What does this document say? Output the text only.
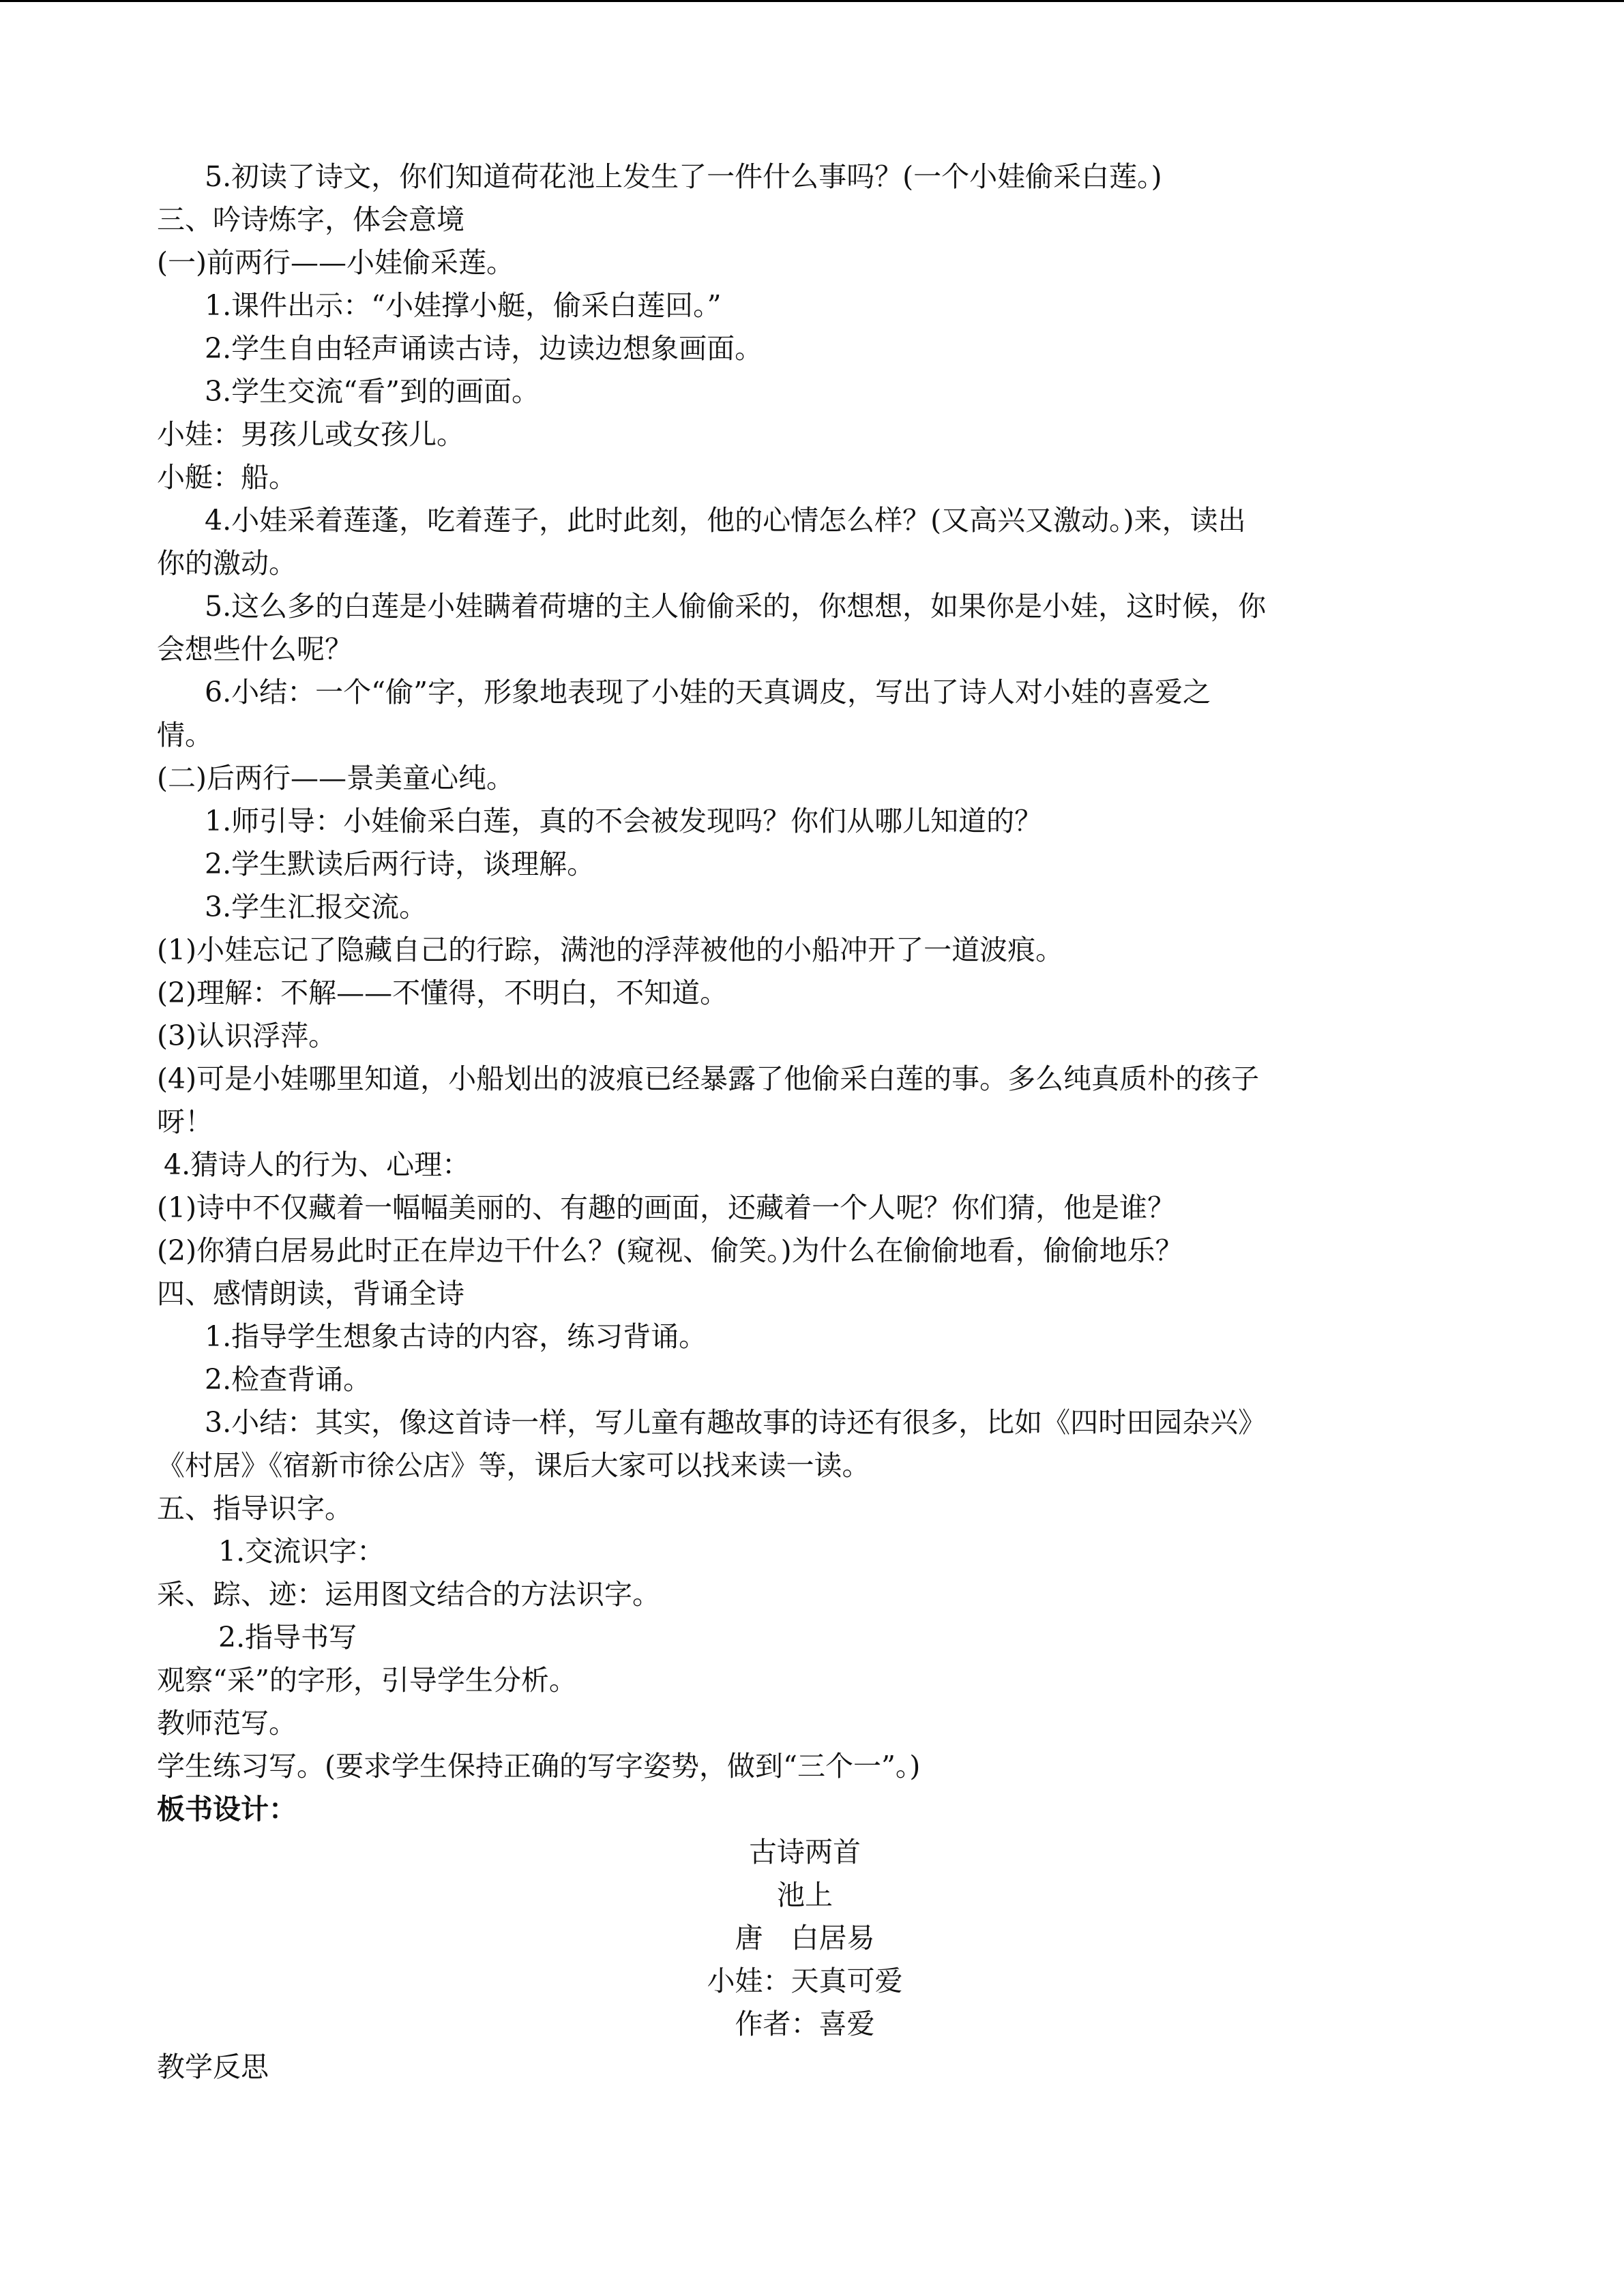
5.初读了诗文，你们知道荷花池上发生了一件什么事吗？(一个小娃偷采白莲。)
三、吟诗炼字，体会意境
(一)前两行——小娃偷采莲。
1.课件出示：“小娃撑小艇，偷采白莲回。”
2.学生自由轻声诵读古诗，边读边想象画面。
3.学生交流“看”到的画面。
小娃：男孩儿或女孩儿。
小艇：船。
4.小娃采着莲蓬，吃着莲子，此时此刻，他的心情怎么样？(又高兴又激动。)来，读出
你的激动。
5.这么多的白莲是小娃瞒着荷塘的主人偷偷采的，你想想，如果你是小娃，这时候，你
会想些什么呢？
6.小结：一个“偷”字，形象地表现了小娃的天真调皮，写出了诗人对小娃的喜爱之
情。
(二)后两行——景美童心纯。
1.师引导：小娃偷采白莲，真的不会被发现吗？你们从哪儿知道的？
2.学生默读后两行诗，谈理解。
3.学生汇报交流。
(1)小娃忘记了隐藏自己的行踪，满池的浮萍被他的小船冲开了一道波痕。
(2)理解：不解——不懂得，不明白，不知道。
(3)认识浮萍。
(4)可是小娃哪里知道，小船划出的波痕已经暴露了他偷采白莲的事。多么纯真质朴的孩子
呀！
4.猜诗人的行为、心理：
(1)诗中不仅藏着一幅幅美丽的、有趣的画面，还藏着一个人呢？你们猜，他是谁？
(2)你猜白居易此时正在岸边干什么？(窥视、偷笑。)为什么在偷偷地看，偷偷地乐？
四、感情朗读，背诵全诗
1.指导学生想象古诗的内容，练习背诵。
2.检查背诵。
3.小结：其实，像这首诗一样，写儿童有趣故事的诗还有很多，比如《四时田园杂兴》
《村居》《宿新市徐公店》等，课后大家可以找来读一读。
五、指导识字。
1.交流识字：
采、踪、迹：运用图文结合的方法识字。
2.指导书写
观察“采”的字形，引导学生分析。
教师范写。
学生练习写。(要求学生保持正确的写字姿势，做到“三个一”。)
板书设计：
古诗两首
池上
唐　白居易
小娃：天真可爱
作者：喜爱
教学反思
